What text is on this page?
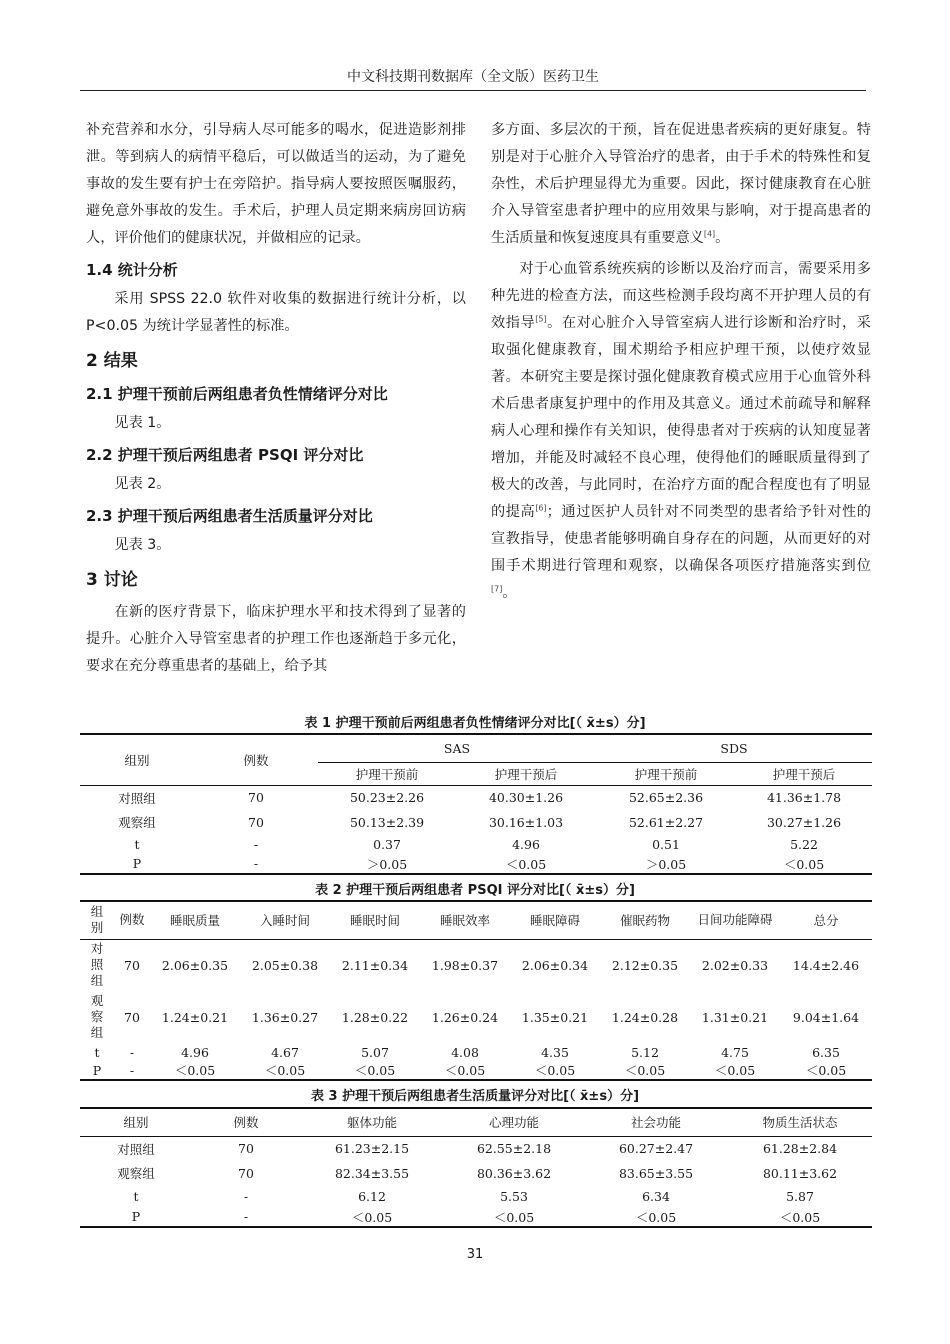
中文科技期刊数据库（全文版）医药卫生

补充营养和水分，引导病人尽可能多的喝水，促进造影剂排泄。等到病人的病情平稳后，可以做适当的运动，为了避免事故的发生要有护士在旁陪护。指导病人要按照医嘱服药，避免意外事故的发生。手术后，护理人员定期来病房回访病人，评价他们的健康状况，并做相应的记录。

1.4 统计分析

采用 SPSS 22.0 软件对收集的数据进行统计分析，以 P<0.05 为统计学显著性的标准。

2 结果
2.1 护理干预前后两组患者负性情绪评分对比

见表 1。

2.2 护理干预后两组患者 PSQI 评分对比

见表 2。

2.3 护理干预后两组患者生活质量评分对比

见表 3。

3 讨论

在新的医疗背景下，临床护理水平和技术得到了显著的提升。心脏介入导管室患者的护理工作也逐渐趋于多元化，要求在充分尊重患者的基础上，给予其

多方面、多层次的干预，旨在促进患者疾病的更好康复。特别是对于心脏介入导管治疗的患者，由于手术的特殊性和复杂性，术后护理显得尤为重要。因此，探讨健康教育在心脏介入导管室患者护理中的应用效果与影响，对于提高患者的生活质量和恢复速度具有重要意义[4]。

对于心血管系统疾病的诊断以及治疗而言，需要采用多种先进的检查方法，而这些检测手段均离不开护理人员的有效指导[5]。在对心脏介入导管室病人进行诊断和治疗时，采取强化健康教育，围术期给予相应护理干预，以使疗效显著。本研究主要是探讨强化健康教育模式应用于心血管外科术后患者康复护理中的作用及其意义。通过术前疏导和解释病人心理和操作有关知识，使得患者对于疾病的认知度显著增加，并能及时减轻不良心理，使得他们的睡眠质量得到了极大的改善，与此同时，在治疗方面的配合程度也有了明显的提高[6]；通过医护人员针对不同类型的患者给予针对性的宣教指导，使患者能够明确自身存在的问题，从而更好的对围手术期进行管理和观察，以确保各项医疗措施落实到位[7]。

表 1 护理干预前后两组患者负性情绪评分对比[（ x̄±s）分]
组别	例数	SAS		SDS	
		护理干预前	护理干预后	护理干预前	护理干预后
对照组	70	50.23±2.26	40.30±1.26	52.65±2.36	41.36±1.78
观察组	70	50.13±2.39	30.16±1.03	52.61±2.27	30.27±1.26
t	-	0.37	4.96	0.51	5.22
P	-	＞0.05	＜0.05	＞0.05	＜0.05
表 2 护理干预后两组患者 PSQI 评分对比[（ x̄±s）分]
组别	例数	睡眠质量	入睡时间	睡眠时间	睡眠效率	睡眠障碍	催眠药物	日间功能障碍	总分

对照组	70	2.06±0.35	2.05±0.38	2.11±0.34	1.98±0.37	2.06±0.34	2.12±0.35	2.02±0.33	14.4±2.46

观察组	70	1.24±0.21	1.36±0.27	1.28±0.22	1.26±0.24	1.35±0.21	1.24±0.28	1.31±0.21	9.04±1.64
t	-	4.96	4.67	5.07	4.08	4.35	5.12	4.75	6.35
P	-	＜0.05	＜0.05	＜0.05	＜0.05	＜0.05	＜0.05	＜0.05	＜0.05
表 3 护理干预后两组患者生活质量评分对比[（ x̄±s）分]
组别	例数	躯体功能	心理功能	社会功能	物质生活状态
对照组	70	61.23±2.15	62.55±2.18	60.27±2.47	61.28±2.84
观察组	70	82.34±3.55	80.36±3.62	83.65±3.55	80.11±3.62
t	-	6.12	5.53	6.34	5.87
P	-	＜0.05	＜0.05	＜0.05	＜0.05
31
